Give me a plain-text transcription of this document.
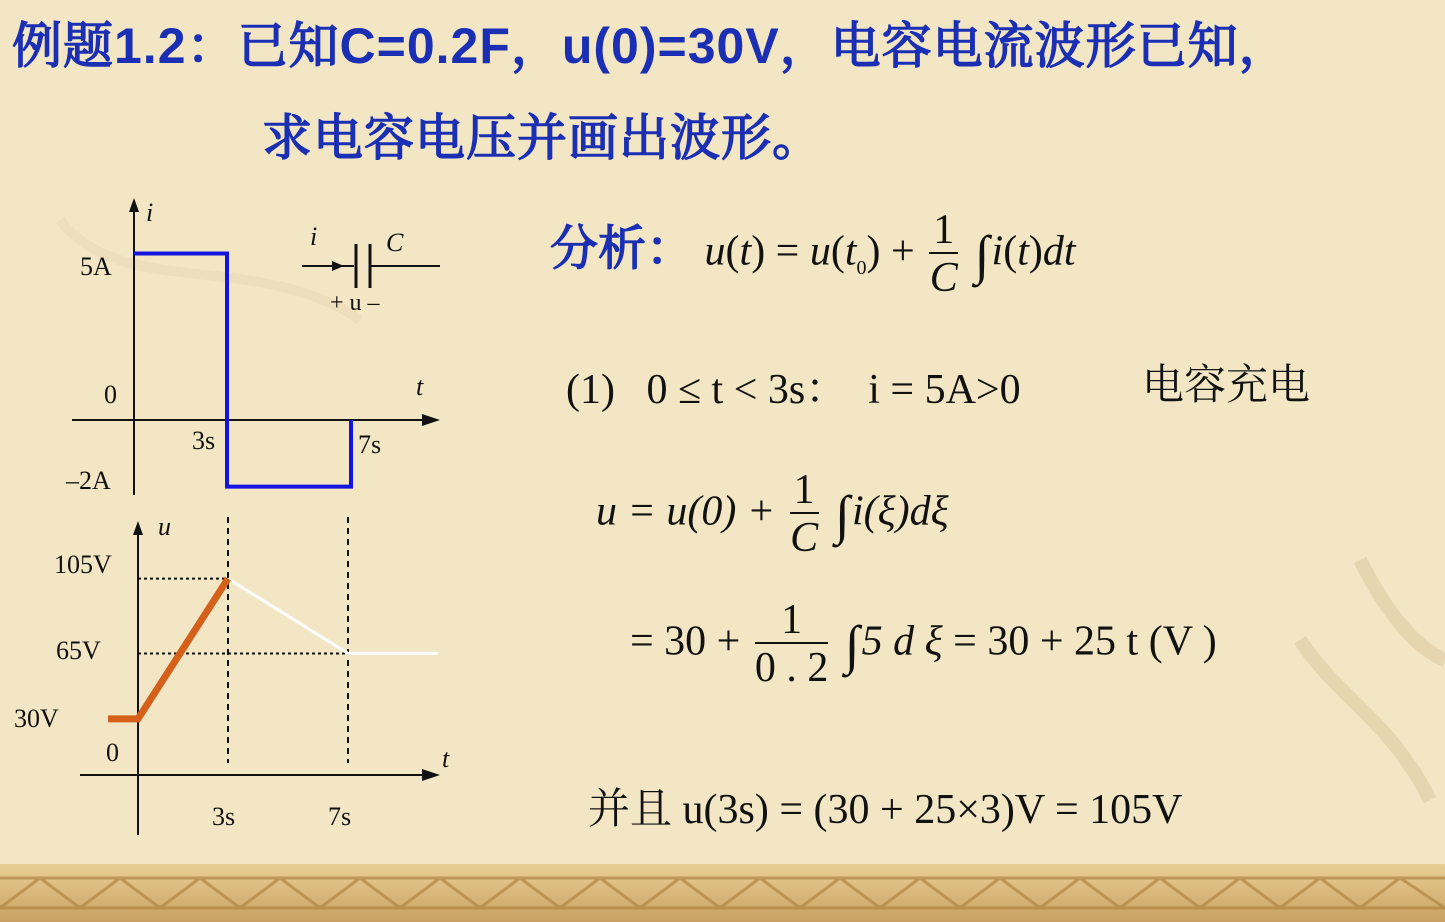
例题1.2：已知C=0.2F，u(0)=30V，电容电流波形已知，
求电容电压并画出波形。
i
t
5A
0
–2A
3s	7s
i	C
+ u –
u
t
105V
65V
30V
0
3s	7s
分析： $u(t) = u(t_0) + \frac{1}{C} \int i(t)dt$
(1) 0 ≤ t < 3s： i = 5A>0	电容充电
$u = u(0) + \frac{1}{C} \int i(\xi)d\xi$
= $30 + \frac{1}{0 . 2} \int 5$ d ξ = 30 + 25 t (V )
并且 u(3s) = (30 + 25×3)V = 105V
